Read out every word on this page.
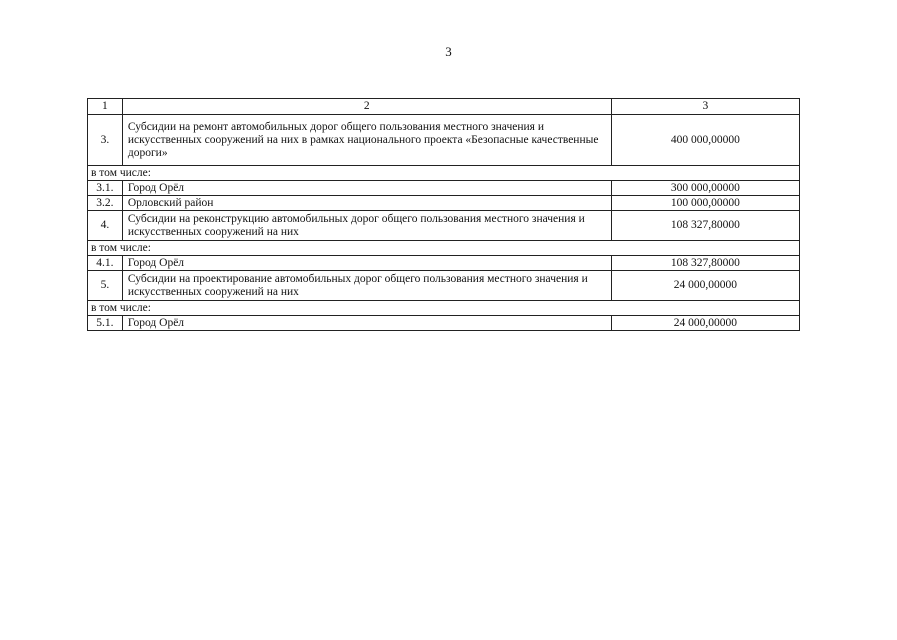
3
1	2	3
3.	Субсидии на ремонт автомобильных дорог общего пользования местного значения и искусственных сооружений на них в рамках национального проекта «Безопасные качественные дороги»	400 000,00000
в том числе:		
3.1.	Город Орёл	300 000,00000
3.2.	Орловский район	100 000,00000
4.	Субсидии на реконструкцию автомобильных дорог общего пользования местного значения и искусственных сооружений на них	108 327,80000
в том числе:		
4.1.	Город Орёл	108 327,80000
5.	Субсидии на проектирование автомобильных дорог общего пользования местного значения и искусственных сооружений на них	24 000,00000
в том числе:		
5.1.	Город Орёл	24 000,00000
